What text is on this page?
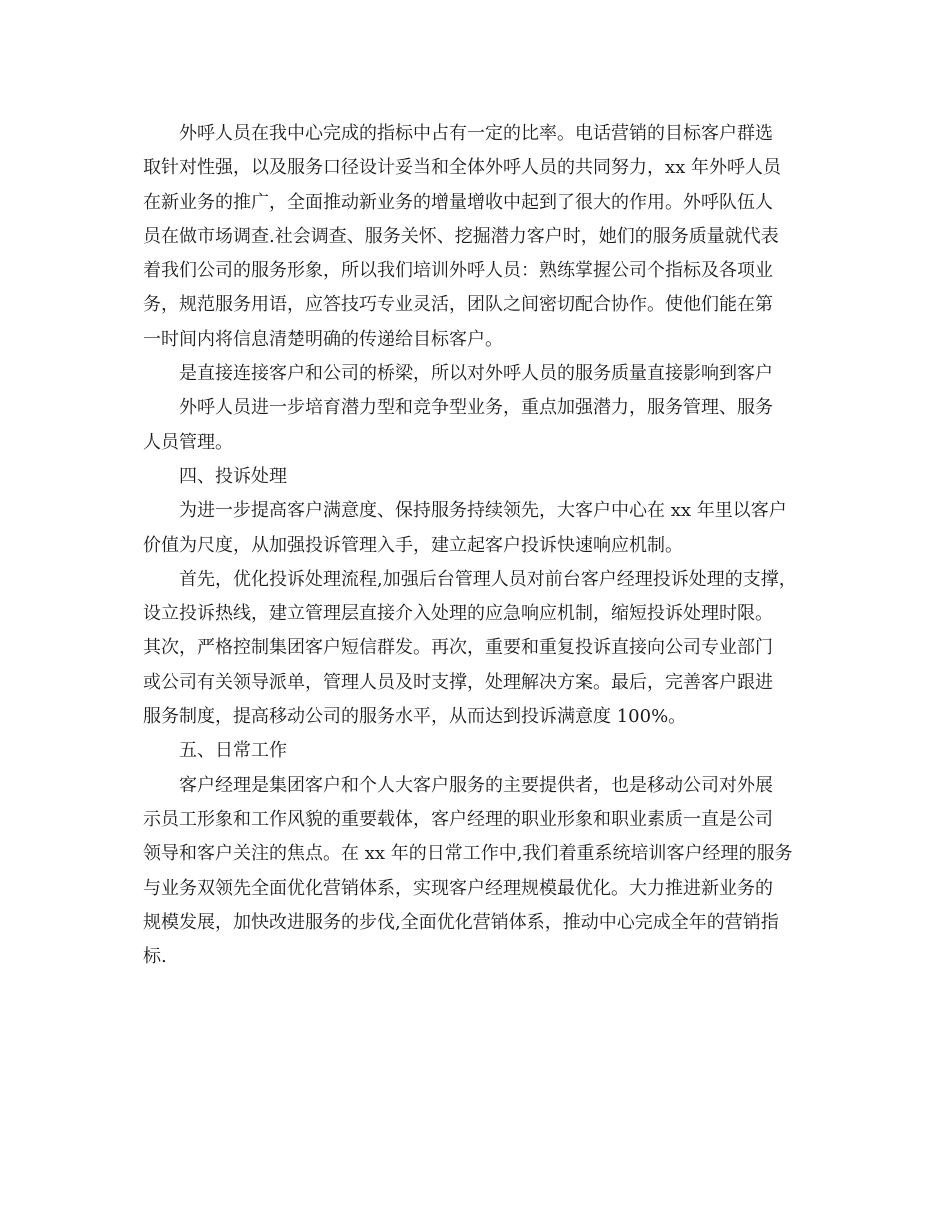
外呼人员在我中心完成的指标中占有一定的比率。电话营销的目标客户群选
取针对性强，以及服务口径设计妥当和全体外呼人员的共同努力，xx 年外呼人员
在新业务的推广，全面推动新业务的增量增收中起到了很大的作用。外呼队伍人
员在做市场调查.社会调查、服务关怀、挖掘潜力客户时，她们的服务质量就代表
着我们公司的服务形象，所以我们培训外呼人员：熟练掌握公司个指标及各项业
务，规范服务用语，应答技巧专业灵活，团队之间密切配合协作。使他们能在第
一时间内将信息清楚明确的传递给目标客户。
是直接连接客户和公司的桥梁，所以对外呼人员的服务质量直接影响到客户
外呼人员进一步培育潜力型和竞争型业务，重点加强潜力，服务管理、服务
人员管理。
四、投诉处理
为进一步提高客户满意度、保持服务持续领先，大客户中心在 xx 年里以客户
价值为尺度，从加强投诉管理入手，建立起客户投诉快速响应机制。
首先，优化投诉处理流程,加强后台管理人员对前台客户经理投诉处理的支撑，
设立投诉热线，建立管理层直接介入处理的应急响应机制，缩短投诉处理时限。
其次，严格控制集团客户短信群发。再次，重要和重复投诉直接向公司专业部门
或公司有关领导派单，管理人员及时支撑，处理解决方案。最后，完善客户跟进
服务制度，提高移动公司的服务水平，从而达到投诉满意度 100%。
五、日常工作
客户经理是集团客户和个人大客户服务的主要提供者，也是移动公司对外展
示员工形象和工作风貌的重要载体，客户经理的职业形象和职业素质一直是公司
领导和客户关注的焦点。在 xx 年的日常工作中,我们着重系统培训客户经理的服务
与业务双领先全面优化营销体系，实现客户经理规模最优化。大力推进新业务的
规模发展，加快改进服务的步伐,全面优化营销体系，推动中心完成全年的营销指
标.
